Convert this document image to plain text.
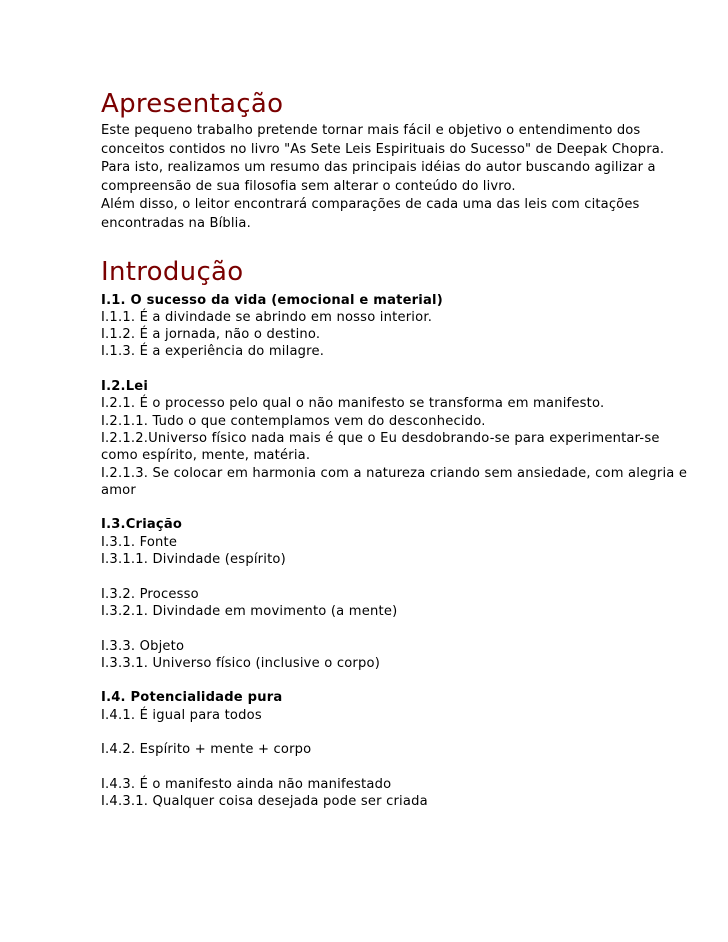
Apresentação

Este pequeno trabalho pretende tornar mais fácil e objetivo o entendimento dos conceitos contidos no livro "As Sete Leis Espirituais do Sucesso" de Deepak Chopra. Para isto, realizamos um resumo das principais idéias do autor buscando agilizar a compreensão de sua filosofia sem alterar o conteúdo do livro.

Além disso, o leitor encontrará comparações de cada uma das leis com citações encontradas na Bíblia.

Introdução

I.1. O sucesso da vida (emocional e material)

I.1.1. É a divindade se abrindo em nosso interior.

I.1.2. É a jornada, não o destino.

I.1.3. É a experiência do milagre.

I.2.Lei

I.2.1. É o processo pelo qual o não manifesto se transforma em manifesto.

I.2.1.1. Tudo o que contemplamos vem do desconhecido.

I.2.1.2.Universo físico nada mais é que o Eu desdobrando-se para experimentar-se como espírito, mente, matéria.

I.2.1.3. Se colocar em harmonia com a natureza criando sem ansiedade, com alegria e amor

I.3.Criação

I.3.1. Fonte

I.3.1.1. Divindade (espírito)

I.3.2. Processo

I.3.2.1. Divindade em movimento (a mente)

I.3.3. Objeto

I.3.3.1. Universo físico (inclusive o corpo)

I.4. Potencialidade pura

I.4.1. É igual para todos

I.4.2. Espírito + mente + corpo

I.4.3. É o manifesto ainda não manifestado

I.4.3.1. Qualquer coisa desejada pode ser criada
